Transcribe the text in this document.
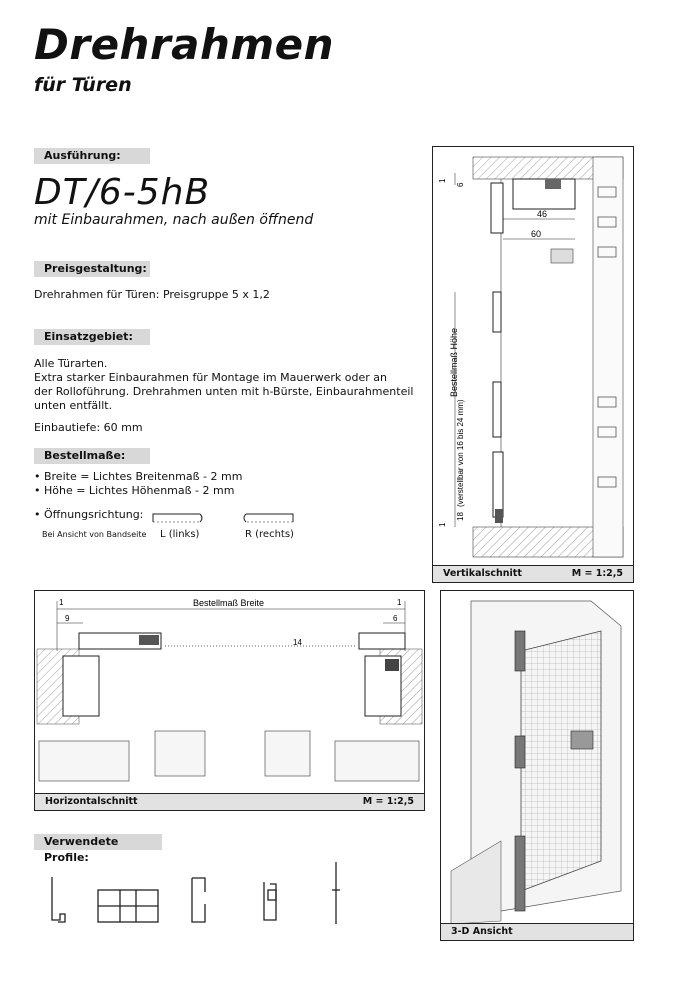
Drehrahmen
für Türen
Ausführung:
DT/6-5hB
mit Einbaurahmen, nach außen öffnend
Preisgestaltung:
Drehrahmen für Türen: Preisgruppe 5 x 1,2
Einsatzgebiet:
Alle Türarten.
Extra starker Einbaurahmen für Montage im Mauerwerk oder an
der Rolloführung. Drehrahmen unten mit h-Bürste, Einbaurahmenteil
unten entfällt.
Einbautiefe: 60 mm
Bestellmaße:
• Breite = Lichtes Breitenmaß - 2 mm
• Höhe = Lichtes Höhenmaß - 2 mm
• Öffnungsrichtung:
Bei Ansicht von Bandseite L (links)	R (rechts)
1
6
46
60
Bestellmaß Höhe
(verstellbar von 16 bis 24 mm)
18
1
Vertikalschnitt	M = 1:2,5
Bestellmaß Breite
1	1
9	6
14
Horizontalschnitt	M = 1:2,5
3-D Ansicht
Verwendete Profile:
